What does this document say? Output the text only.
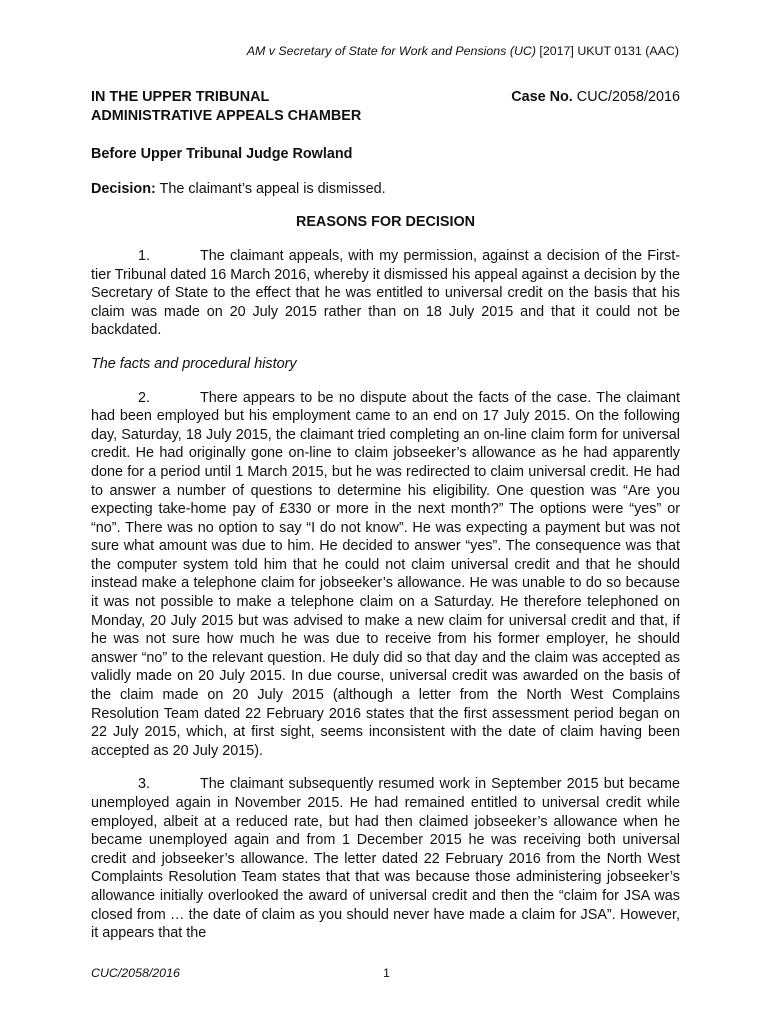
AM v Secretary of State for Work and Pensions (UC) [2017] UKUT 0131 (AAC)
IN THE UPPER TRIBUNAL
ADMINISTRATIVE APPEALS CHAMBER
Case No. CUC/2058/2016
Before Upper Tribunal Judge Rowland
Decision: The claimant’s appeal is dismissed.
REASONS FOR DECISION

1.	The claimant appeals, with my permission, against a decision of the First-tier Tribunal dated 16 March 2016, whereby it dismissed his appeal against a decision by the Secretary of State to the effect that he was entitled to universal credit on the basis that his claim was made on 20 July 2015 rather than on 18 July 2015 and that it could not be backdated.

The facts and procedural history

2.	There appears to be no dispute about the facts of the case. The claimant had been employed but his employment came to an end on 17 July 2015. On the following day, Saturday, 18 July 2015, the claimant tried completing an on-line claim form for universal credit. He had originally gone on-line to claim jobseeker’s allowance as he had apparently done for a period until 1 March 2015, but he was redirected to claim universal credit. He had to answer a number of questions to determine his eligibility. One question was “Are you expecting take-home pay of £330 or more in the next month?” The options were “yes” or “no”. There was no option to say “I do not know”. He was expecting a payment but was not sure what amount was due to him. He decided to answer “yes”. The consequence was that the computer system told him that he could not claim universal credit and that he should instead make a telephone claim for jobseeker’s allowance. He was unable to do so because it was not possible to make a telephone claim on a Saturday. He therefore telephoned on Monday, 20 July 2015 but was advised to make a new claim for universal credit and that, if he was not sure how much he was due to receive from his former employer, he should answer “no” to the relevant question. He duly did so that day and the claim was accepted as validly made on 20 July 2015. In due course, universal credit was awarded on the basis of the claim made on 20 July 2015 (although a letter from the North West Complains Resolution Team dated 22 February 2016 states that the first assessment period began on 22 July 2015, which, at first sight, seems inconsistent with the date of claim having been accepted as 20 July 2015).

3.	The claimant subsequently resumed work in September 2015 but became unemployed again in November 2015. He had remained entitled to universal credit while employed, albeit at a reduced rate, but had then claimed jobseeker’s allowance when he became unemployed again and from 1 December 2015 he was receiving both universal credit and jobseeker’s allowance. The letter dated 22 February 2016 from the North West Complaints Resolution Team states that that was because those administering jobseeker’s allowance initially overlooked the award of universal credit and then the “claim for JSA was closed from … the date of claim as you should never have made a claim for JSA”. However, it appears that the

CUC/2058/2016	1
